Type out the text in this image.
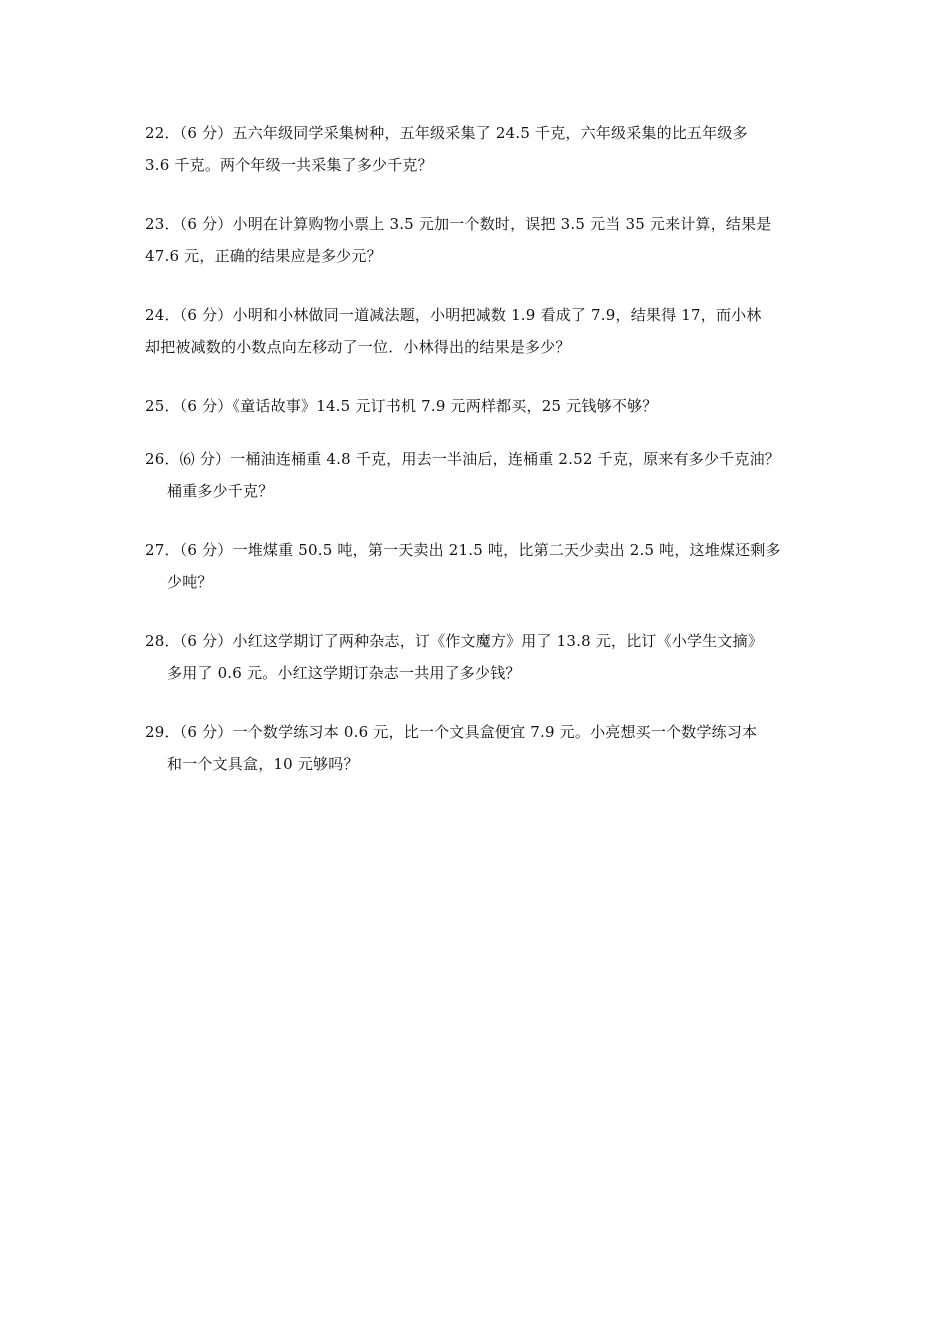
22．（6 分）五六年级同学采集树种，五年级采集了 24.5 千克，六年级采集的比五年级多
3.6 千克。两个年级一共采集了多少千克？
23．（6 分）小明在计算购物小票上 3.5 元加一个数时，误把 3.5 元当 35 元来计算，结果是
47.6 元，正确的结果应是多少元？
24．（6 分）小明和小林做同一道减法题，小明把减数 1.9 看成了 7.9，结果得 17，而小林
却把被减数的小数点向左移动了一位．小林得出的结果是多少？
25．（6 分）《童话故事》14.5 元订书机 7.9 元两样都买，25 元钱够不够？
26．⑹ 分）一桶油连桶重 4.8 千克，用去一半油后，连桶重 2.52 千克，原来有多少千克油？
桶重多少千克？
27．（6 分）一堆煤重 50.5 吨，第一天卖出 21.5 吨，比第二天少卖出 2.5 吨，这堆煤还剩多
少吨？
28．（6 分）小红这学期订了两种杂志，订《作文魔方》用了 13.8 元，比订《小学生文摘》
多用了 0.6 元。小红这学期订杂志一共用了多少钱？
29．（6 分）一个数学练习本 0.6 元，比一个文具盒便宜 7.9 元。小亮想买一个数学练习本
和一个文具盒，10 元够吗？
